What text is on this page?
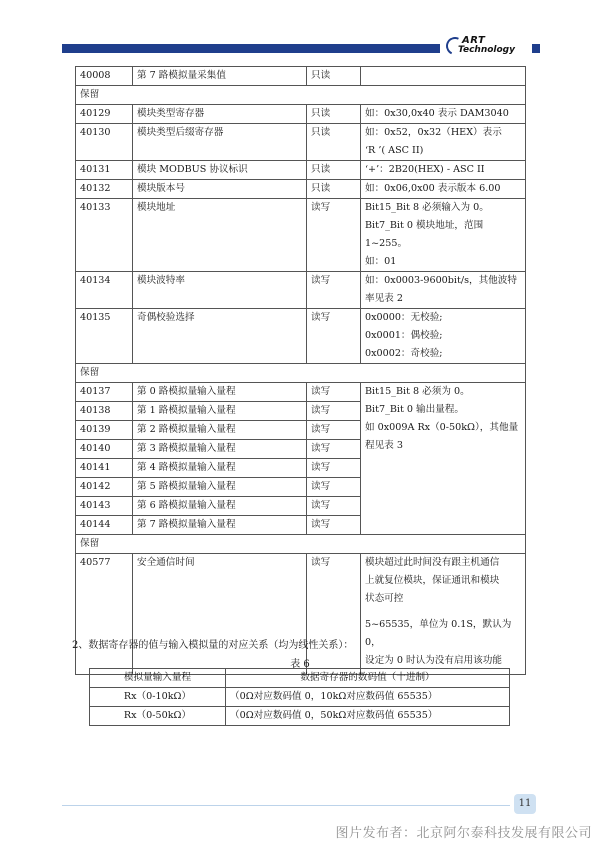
ART
Technology
40008	第 7 路模拟量采集值	只读	
保留			
40129	模块类型寄存器	只读	如：0x30,0x40 表示 DAM3040
40130	模块类型后缀寄存器	只读	如：0x52，0x32（HEX）表示
‘R ’( ASC II)

40131	模块 MODBUS 协议标识	只读	‘+’：2B20(HEX) - ASC II
40132	模块版本号	只读	如：0x06,0x00 表示版本 6.00
40133	模块地址	读写	Bit15_Bit 8 必须输入为 0。
Bit7_Bit 0 模块地址，范围 1~255。
如：01

40134	模块波特率	读写	如：0x0003-9600bit/s，其他波特
率见表 2

40135	奇偶校验选择	读写	0x0000：无校验;
0x0001：偶校验;
0x0002：奇校验;

保留			
40137	第 0 路模拟量输入量程	读写	Bit15_Bit 8 必须为 0。
Bit7_Bit 0 输出量程。
如 0x009A Rx（0-50kΩ），其他量
程见表 3

40138	第 1 路模拟量输入量程	读写	
40139	第 2 路模拟量输入量程	读写	
40140	第 3 路模拟量输入量程	读写	
40141	第 4 路模拟量输入量程	读写	
40142	第 5 路模拟量输入量程	读写	
40143	第 6 路模拟量输入量程	读写	
40144	第 7 路模拟量输入量程	读写	
保留			
40577	安全通信时间	读写	模块超过此时间没有跟主机通信
上就复位模块，保证通讯和模块
状态可控
5~65535，单位为 0.1S，默认为 0，
设定为 0 时认为没有启用该功能
2、数据寄存器的值与输入模拟量的对应关系（均为线性关系）：
表 6
模拟量输入量程	数据寄存器的数码值（十进制）
Rx（0-10kΩ）	（0Ω对应数码值 0，10kΩ对应数码值 65535）
Rx（0-50kΩ）	（0Ω对应数码值 0，50kΩ对应数码值 65535）
11
图片发布者：北京阿尔泰科技发展有限公司
